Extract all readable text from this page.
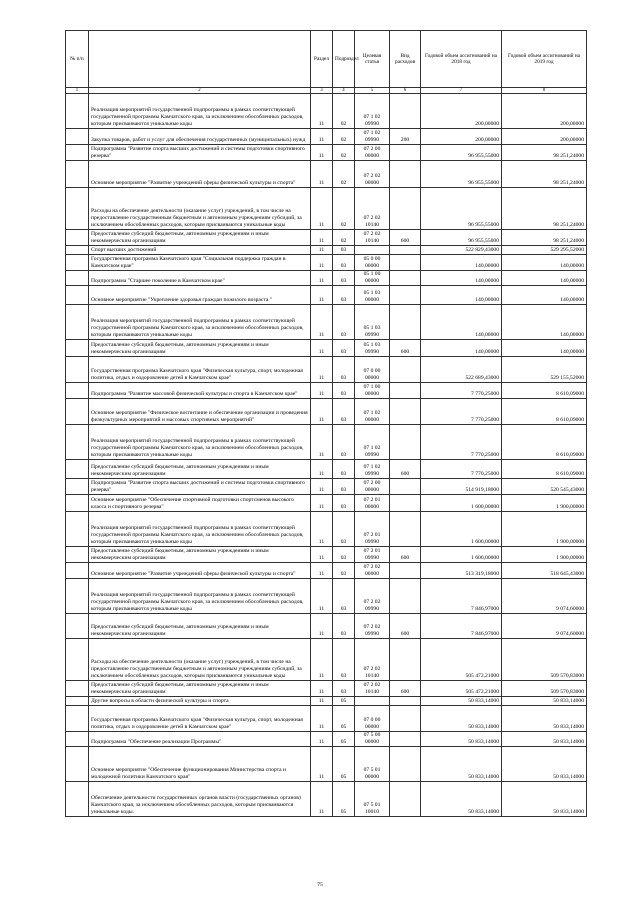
№ п/п		Раздел	Подраздел	Целевая статья	Вид расходов	Годовой объем ассигнований на 2018 год	Годовой объем ассигнований на 2019 год
1	2	3	4	5	6	7	8
	Реализация мероприятий государственной подпрограммы в рамках соответствующей государственной программы Камчатского края, за исключением обособленных расходов, которым присваиваются уникальные коды	11	02	07 1 02 09990		200,00000	200,00000
	Закупка товаров, работ и услуг для обеспечения государственных (муниципальных) нужд	11	02	07 1 02 09990	200	200,00000	200,00000
	Подпрограмма "Развитие спорта высших достижений и системы подготовки спортивного резерва"	11	02	07 2 00 00000		96 955,55000	98 251,24000
	Основное мероприятие "Развитие учреждений сферы физической культуры и спорта"	11	02	07 2 02 00000		96 955,55000	98 251,24000
	Расходы на обеспечение деятельности (оказание услуг) учреждений, в том числе на предоставление государственным бюджетным и автономным учреждениям субсидий, за исключением обособленных расходов, которым присваиваются уникальные коды	11	02	07 2 02 10140		96 955,55000	98 251,24000
	Предоставление субсидий бюджетным, автономным учреждениям и иным некоммерческим организациям	11	02	07 2 02 10140	600	96 955,55000	98 251,24000
	Спорт высших достижений	11	03			522 829,43000	529 295,52000
	Государственная программа Камчатского края "Социальная поддержка граждан в Камчатском крае"	11	03	05 0 00 00000		140,00000	140,00000
	Подпрограмма "Старшее поколение в Камчатском крае"	11	03	05 1 00 00000		140,00000	140,00000
	Основное мероприятие "Укрепление здоровья граждан пожилого возраста "	11	03	05 1 03 00000		140,00000	140,00000
	Реализация мероприятий государственной подпрограммы в рамках соответствующей государственной программы Камчатского края, за исключением обособленных расходов, которым присваиваются уникальные коды	11	03	05 1 03 09990		140,00000	140,00000
	Предоставление субсидий бюджетным, автономным учреждениям и иным некоммерческим организациям	11	03	05 1 03 09990	600	140,00000	140,00000
	Государственная программа Камчатского края "Физическая культура, спорт, молодежная политика, отдых и оздоровление детей в Камчатском крае"	11	03	07 0 00 00000		522 689,43000	529 155,52000
	Подпрограмма "Развитие массовой физической культуры и спорта в Камчатском крае"	11	03	07 1 00 00000		7 770,25000	8 610,09000
	Основное мероприятие "Физическое воспитание и обеспечение организации и проведения физкультурных мероприятий и массовых спортивных мероприятий"	11	03	07 1 02 00000		7 770,25000	8 610,09000
	Реализация мероприятий государственной подпрограммы в рамках соответствующей государственной программы Камчатского края, за исключением обособленных расходов, которым присваиваются уникальные коды	11	03	07 1 02 09990		7 770,25000	8 610,09000
	Предоставление субсидий бюджетным, автономным учреждениям и иным некоммерческим организациям	11	03	07 1 02 09990	600	7 770,25000	8 610,09000
	Подпрограмма "Развитие спорта высших достижений и системы подготовки спортивного резерва"	11	03	07 2 00 00000		514 919,18000	520 545,43000
	Основное мероприятие "Обеспечение спортивной подготовки спортсменов высокого класса и спортивного резерва"	11	03	07 2 01 00000		1 600,00000	1 900,00000
	Реализация мероприятий государственной подпрограммы в рамках соответствующей государственной программы Камчатского края, за исключением обособленных расходов, которым присваиваются уникальные коды	11	03	07 2 01 09990		1 600,00000	1 900,00000
	Предоставление субсидий бюджетным, автономным учреждениям и иным некоммерческим организациям	11	03	07 2 01 09990	600	1 600,00000	1 900,00000
	Основное мероприятие "Развитие учреждений сферы физической культуры и спорта"	11	03	07 2 02 00000		513 319,18000	518 645,43000
	Реализация мероприятий государственной подпрограммы в рамках соответствующей государственной программы Камчатского края, за исключением обособленных расходов, которым присваиваются уникальные коды	11	03	07 2 02 09990		7 846,97000	9 074,60000
	Предоставление субсидий бюджетным, автономным учреждениям и иным некоммерческим организациям	11	03	07 2 02 09990	600	7 846,97000	9 074,60000
	Расходы на обеспечение деятельности (оказание услуг) учреждений, в том числе на предоставление государственным бюджетным и автономным учреждениям субсидий, за исключением обособленных расходов, которым присваиваются уникальные коды	11	03	07 2 02 10140		505 472,21000	509 570,83000
	Предоставление субсидий бюджетным, автономным учреждениям и иным некоммерческим организациям	11	03	07 2 02 10140	600	505 472,21000	509 570,83000
	Другие вопросы в области физической культуры и спорта	11	05			50 833,14000	50 833,14000
	Государственная программа Камчатского края "Физическая культура, спорт, молодежная политика, отдых и оздоровление детей в Камчатском крае"	11	05	07 0 00 00000		50 833,14000	50 833,14000
	Подпрограмма "Обеспечение реализации Программы"	11	05	07 5 00 00000		50 833,14000	50 833,14000
	Основное мероприятие "Обеспечение функционирования Министерства спорта и молодежной политики Камчатского края"	11	05	07 5 01 00000		50 833,14000	50 833,14000
	Обеспечение деятельности государственных органов власти (государственных органов) Камчатского края, за исключением обособленных расходов, которым присваиваются уникальные коды.	11	05	07 5 01 10010		50 833,14000	50 833,14000
75
